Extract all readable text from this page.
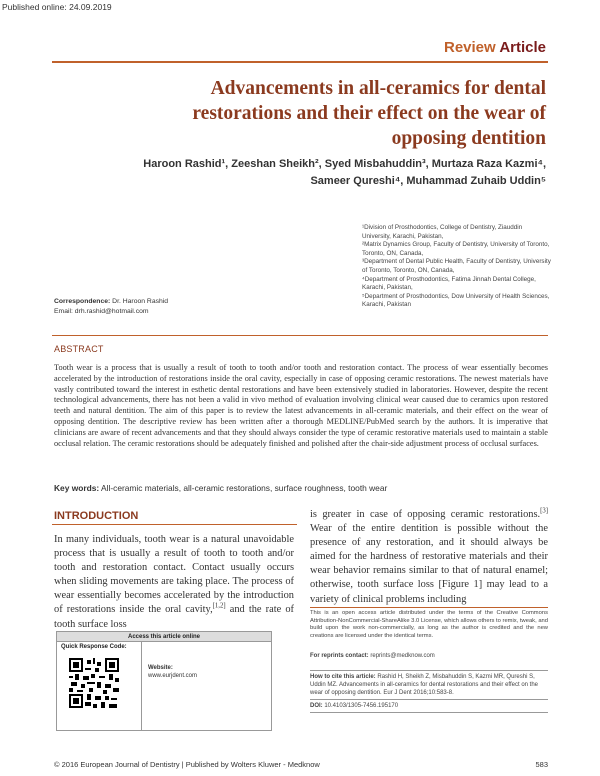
Published online: 24.09.2019
Review Article
Advancements in all-ceramics for dental restorations and their effect on the wear of opposing dentition
Haroon Rashid¹, Zeeshan Sheikh², Syed Misbahuddin³, Murtaza Raza Kazmi⁴,
Sameer Qureshi⁴, Muhammad Zuhaib Uddin⁵
¹Division of Prosthodontics, College of Dentistry, Ziauddin University, Karachi, Pakistan,
²Matrix Dynamics Group, Faculty of Dentistry, University of Toronto, Toronto, ON, Canada,
³Department of Dental Public Health, Faculty of Dentistry, University of Toronto, Toronto, ON, Canada,
⁴Department of Prosthodontics, Fatima Jinnah Dental College, Karachi, Pakistan,
⁵Department of Prosthodontics, Dow University of Health Sciences, Karachi, Pakistan
Correspondence: Dr. Haroon Rashid
Email: drh.rashid@hotmail.com
ABSTRACT

Tooth wear is a process that is usually a result of tooth to tooth and/or tooth and restoration contact. The process of wear essentially becomes accelerated by the introduction of restorations inside the oral cavity, especially in case of opposing ceramic restorations. The newest materials have vastly contributed toward the interest in esthetic dental restorations and have been extensively studied in laboratories. However, despite the recent technological advancements, there has not been a valid in vivo method of evaluation involving clinical wear caused due to ceramics upon restored teeth and natural dentition. The aim of this paper is to review the latest advancements in all-ceramic materials, and their effect on the wear of opposing dentition. The descriptive review has been written after a thorough MEDLINE/PubMed search by the authors. It is imperative that clinicians are aware of recent advancements and that they should always consider the type of ceramic restorative materials used to maintain a stable occlusal relation. The ceramic restorations should be adequately finished and polished after the chair-side adjustment process of occlusal surfaces.

Key words: All-ceramic materials, all-ceramic restorations, surface roughness, tooth wear
INTRODUCTION

In many individuals, tooth wear is a natural unavoidable process that is usually a result of tooth to tooth and/or tooth and restoration contact. Contact usually occurs when sliding movements are taking place. The process of wear essentially becomes accelerated by the introduction of restorations inside the oral cavity,[1,2] and the rate of tooth surface loss

is greater in case of opposing ceramic restorations.[3] Wear of the entire dentition is possible without the presence of any restoration, and it should always be aimed for the hardness of restorative materials and their wear behavior remains similar to that of natural enamel; otherwise, tooth surface loss [Figure 1] may lead to a variety of clinical problems including

Access this article online
Quick Response Code:
Website:
www.eurjdent.com
This is an open access article distributed under the terms of the Creative Commons Attribution-NonCommercial-ShareAlike 3.0 License, which allows others to remix, tweak, and build upon the work non-commercially, as long as the author is credited and the new creations are licensed under the identical terms.
For reprints contact: reprints@medknow.com
How to cite this article: Rashid H, Sheikh Z, Misbahuddin S, Kazmi MR, Qureshi S, Uddin MZ. Advancements in all-ceramics for dental restorations and their effect on the wear of opposing dentition. Eur J Dent 2016;10:583-8.
DOI: 10.4103/1305-7456.195170
© 2016 European Journal of Dentistry | Published by Wolters Kluwer - Medknow	583
